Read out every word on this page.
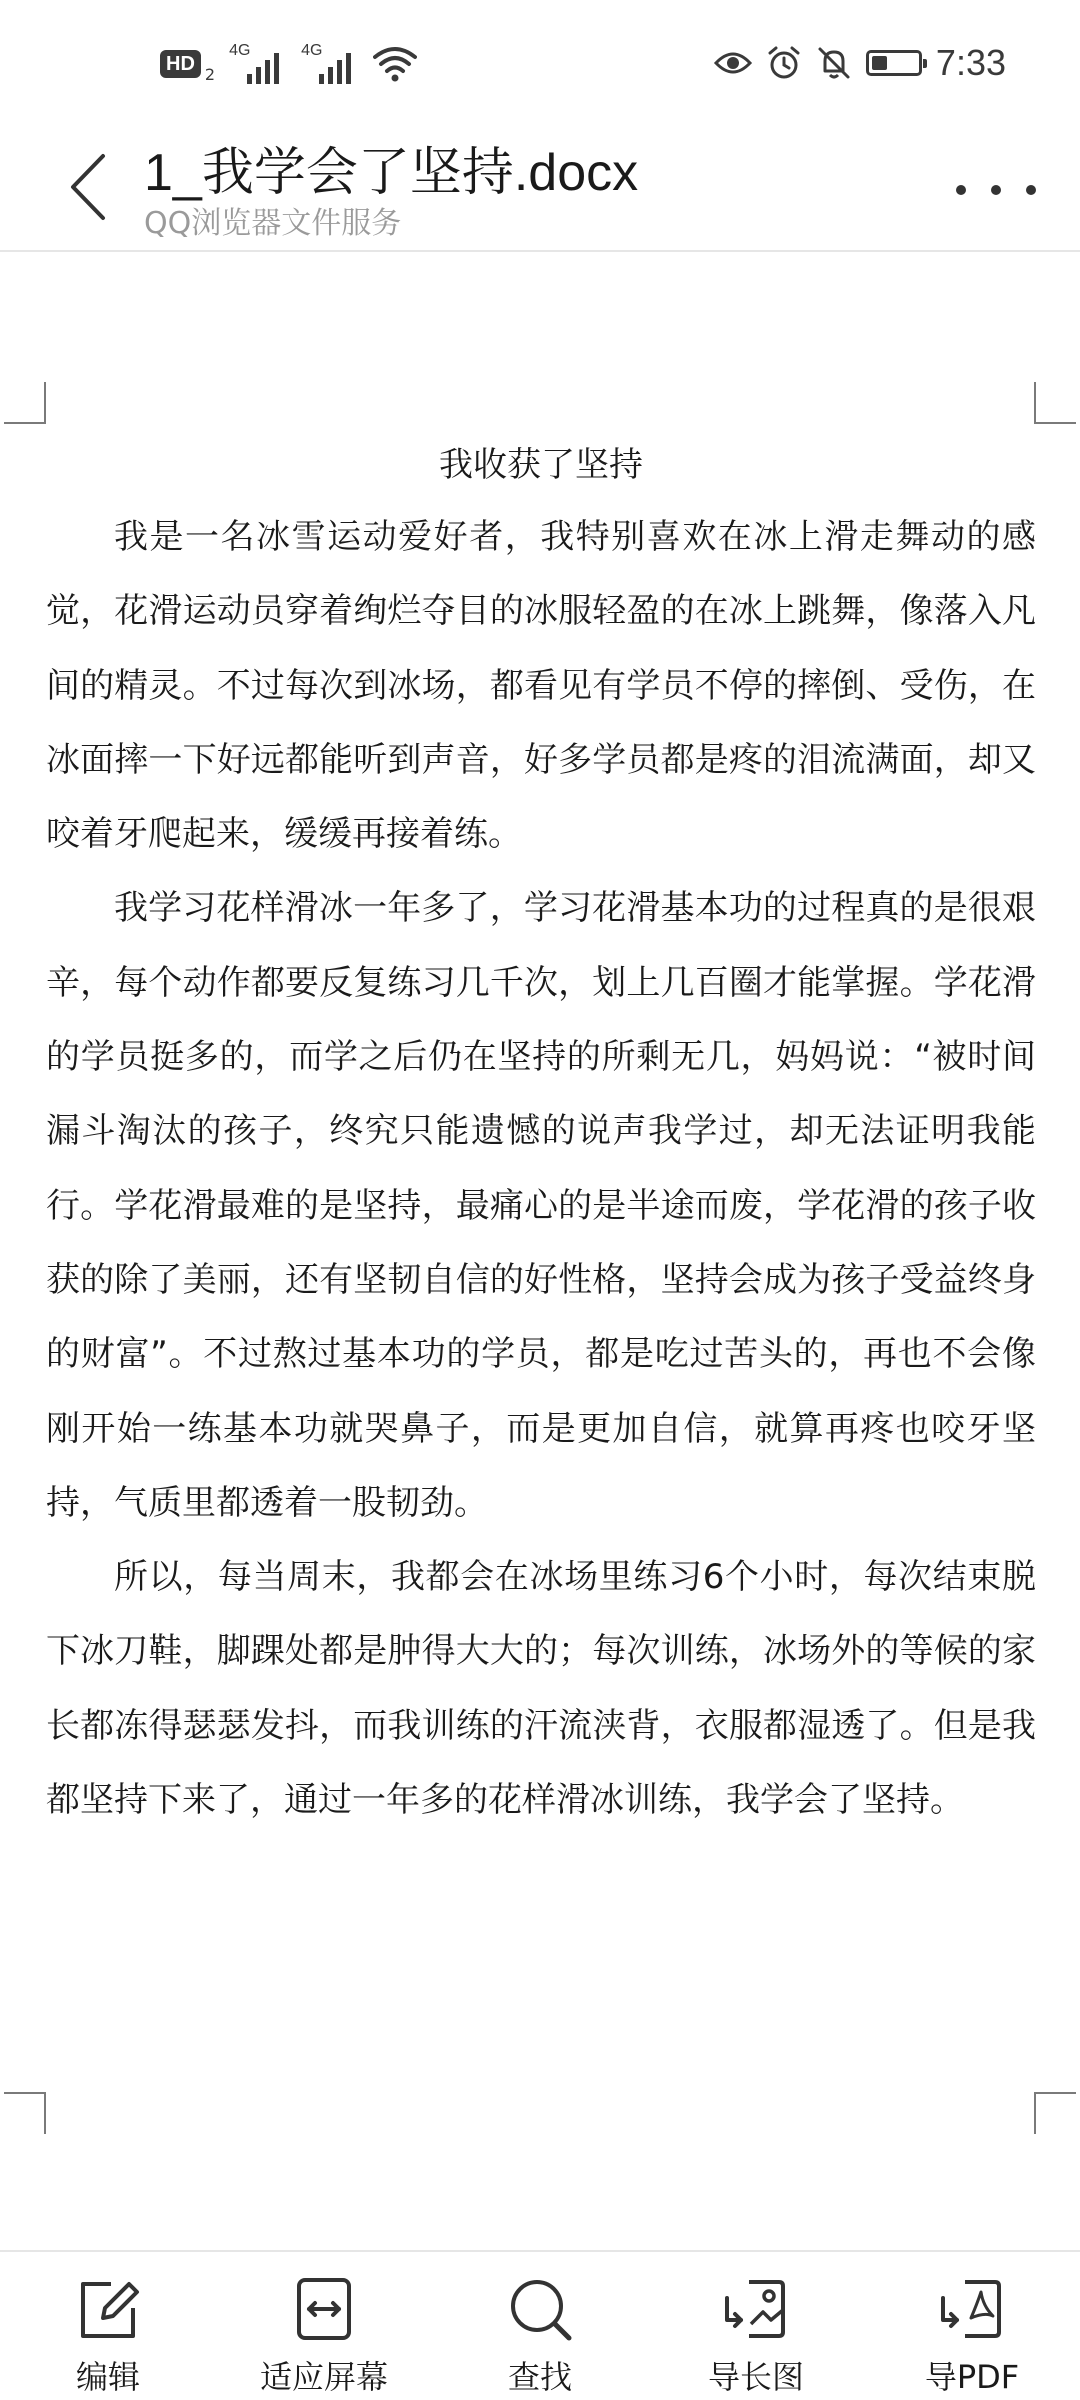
HD 2
4G	4G	7:33
1_我学会了坚持.docx
QQ浏览器文件服务
我收获了坚持

我是一名冰雪运动爱好者，我特别喜欢在冰上滑走舞动的感觉，花滑运动员穿着绚烂夺目的冰服轻盈的在冰上跳舞，像落入凡间的精灵。不过每次到冰场，都看见有学员不停的摔倒、受伤，在冰面摔一下好远都能听到声音，好多学员都是疼的泪流满面，却又咬着牙爬起来，缓缓再接着练。

我学习花样滑冰一年多了，学习花滑基本功的过程真的是很艰辛，每个动作都要反复练习几千次，划上几百圈才能掌握。学花滑的学员挺多的，而学之后仍在坚持的所剩无几，妈妈说：“被时间漏斗淘汰的孩子，终究只能遗憾的说声我学过，却无法证明我能行。学花滑最难的是坚持，最痛心的是半途而废，学花滑的孩子收获的除了美丽，还有坚韧自信的好性格，坚持会成为孩子受益终身的财富”。不过熬过基本功的学员，都是吃过苦头的，再也不会像刚开始一练基本功就哭鼻子，而是更加自信，就算再疼也咬牙坚持，气质里都透着一股韧劲。

所以，每当周末，我都会在冰场里练习6个小时，每次结束脱下冰刀鞋，脚踝处都是肿得大大的；每次训练，冰场外的等候的家长都冻得瑟瑟发抖，而我训练的汗流浃背，衣服都湿透了。但是我都坚持下来了，通过一年多的花样滑冰训练，我学会了坚持。

编辑	适应屏幕	查找	导长图	导PDF
